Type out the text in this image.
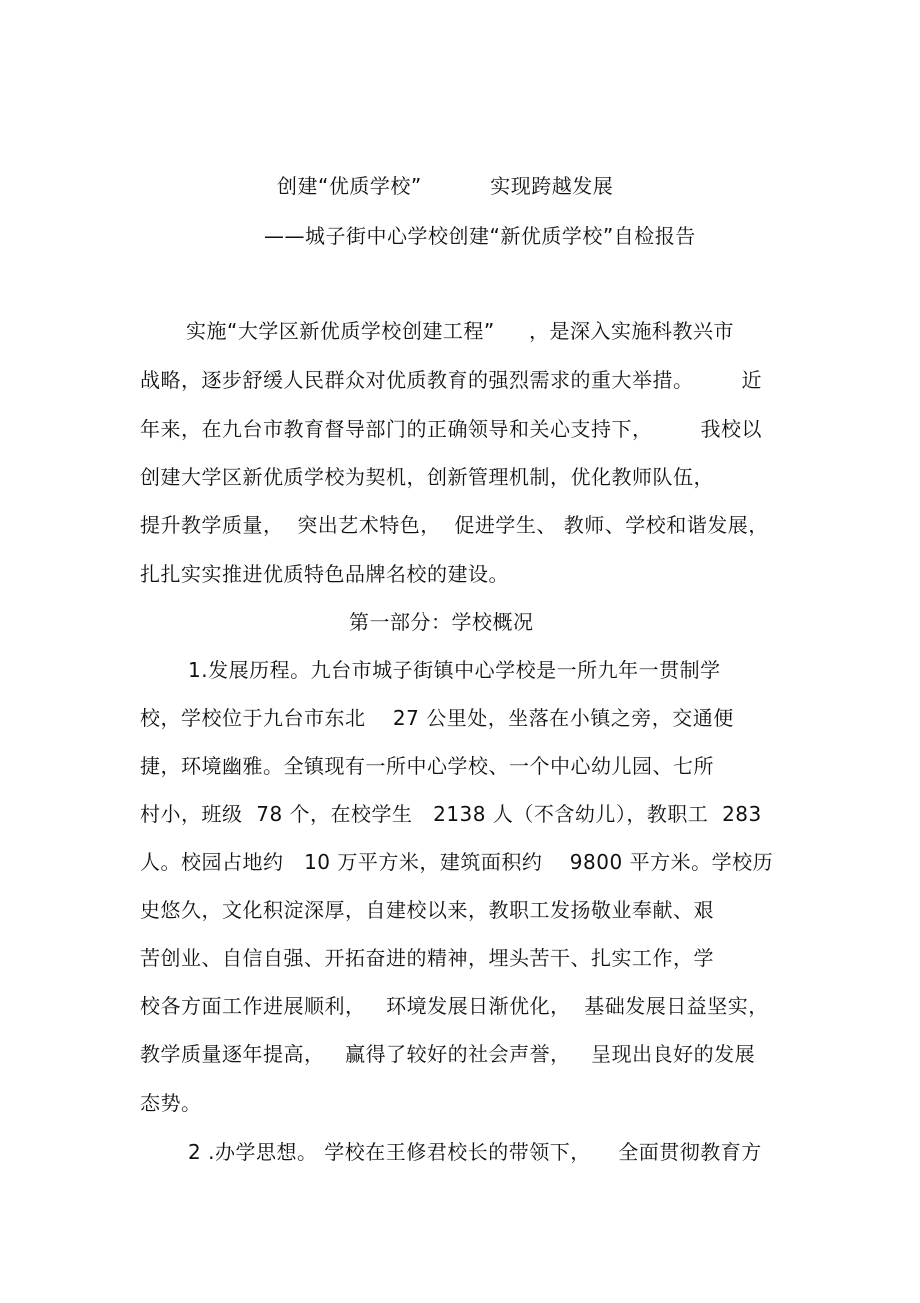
创建“优质学校”          实现跨越发展
——城子街中心学校创建“新优质学校”自检报告
实施“大学区新优质学校创建工程”     ，是深入实施科教兴市
战略，逐步舒缓人民群众对优质教育的强烈需求的重大举措。       近
年来，在九台市教育督导部门的正确领导和关心支持下，       我校以
创建大学区新优质学校为契机，创新管理机制，优化教师队伍，
提升教学质量，  突出艺术特色，  促进学生、 教师、学校和谐发展，
扎扎实实推进优质特色品牌名校的建设。
第一部分：学校概况
1.发展历程。九台市城子街镇中心学校是一所九年一贯制学
校，学校位于九台市东北    27 公里处，坐落在小镇之旁，交通便
捷，环境幽雅。全镇现有一所中心学校、一个中心幼儿园、七所
村小，班级  78 个，在校学生   2138 人（不含幼儿），教职工  283
人。校园占地约   10 万平方米，建筑面积约    9800 平方米。学校历
史悠久，文化积淀深厚，自建校以来，教职工发扬敬业奉献、艰
苦创业、自信自强、开拓奋进的精神，埋头苦干、扎实工作，学
校各方面工作进展顺利，   环境发展日渐优化，  基础发展日益坚实，
教学质量逐年提高，   赢得了较好的社会声誉，   呈现出良好的发展
态势。
2 .办学思想。 学校在王修君校长的带领下，    全面贯彻教育方
